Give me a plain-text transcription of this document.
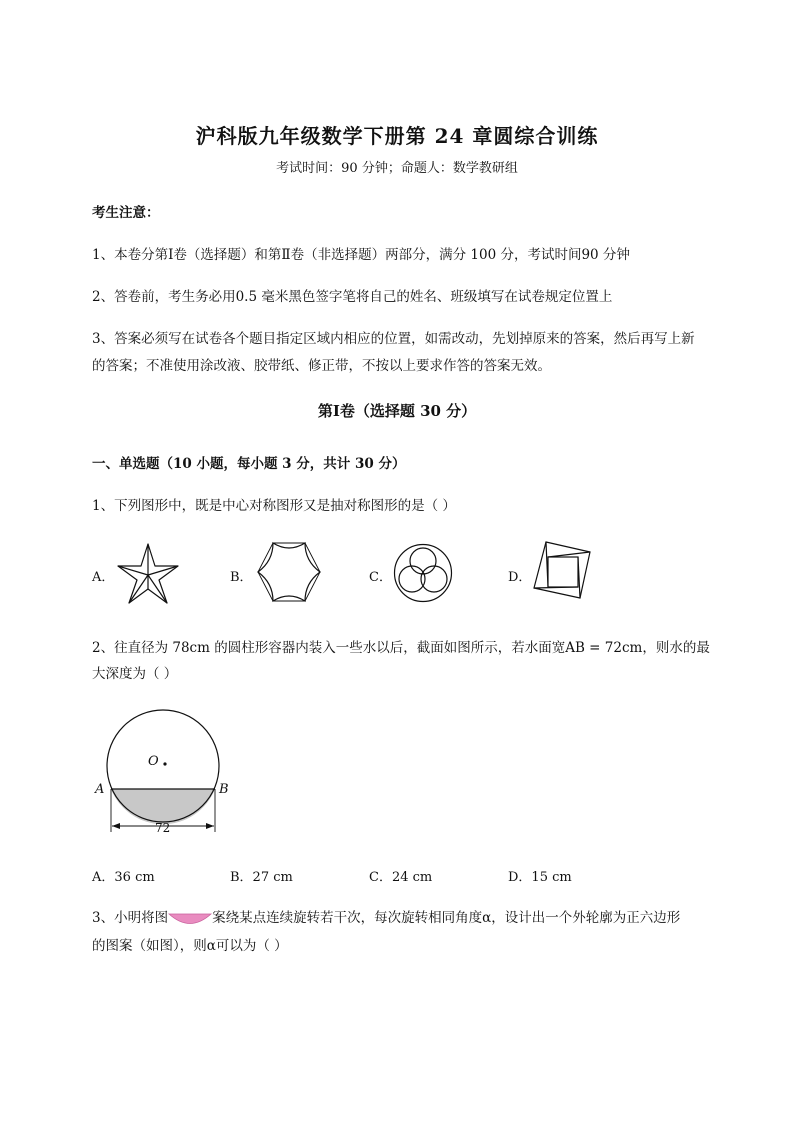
沪科版九年级数学下册第 24 章圆综合训练
考试时间：90 分钟；命题人：数学教研组
考生注意：
1、本卷分第Ⅰ卷（选择题）和第Ⅱ卷（非选择题）两部分，满分 100 分，考试时间90 分钟
2、答卷前，考生务必用0.5 毫米黑色签字笔将自己的姓名、班级填写在试卷规定位置上
3、答案必须写在试卷各个题目指定区域内相应的位置，如需改动，先划掉原来的答案，然后再写上新
的答案；不准使用涂改液、胶带纸、修正带，不按以上要求作答的答案无效。
第Ⅰ卷（选择题 30 分）
一、单选题（10 小题，每小题 3 分，共计 30 分）
1、下列图形中，既是中心对称图形又是抽对称图形的是（ ）
A．	B．	C．	D．
2、往直径为 78cm 的圆柱形容器内装入一些水以后，截面如图所示，若水面宽AB = 72cm，则水的最
大深度为（ ）
O
A	B
72
A．36 cm	B．27 cm	C．24 cm	D．15 cm
3、小明将图	案绕某点连续旋转若干次，每次旋转相同角度α，设计出一个外轮廓为正六边形
的图案（如图），则α可以为（ ）
